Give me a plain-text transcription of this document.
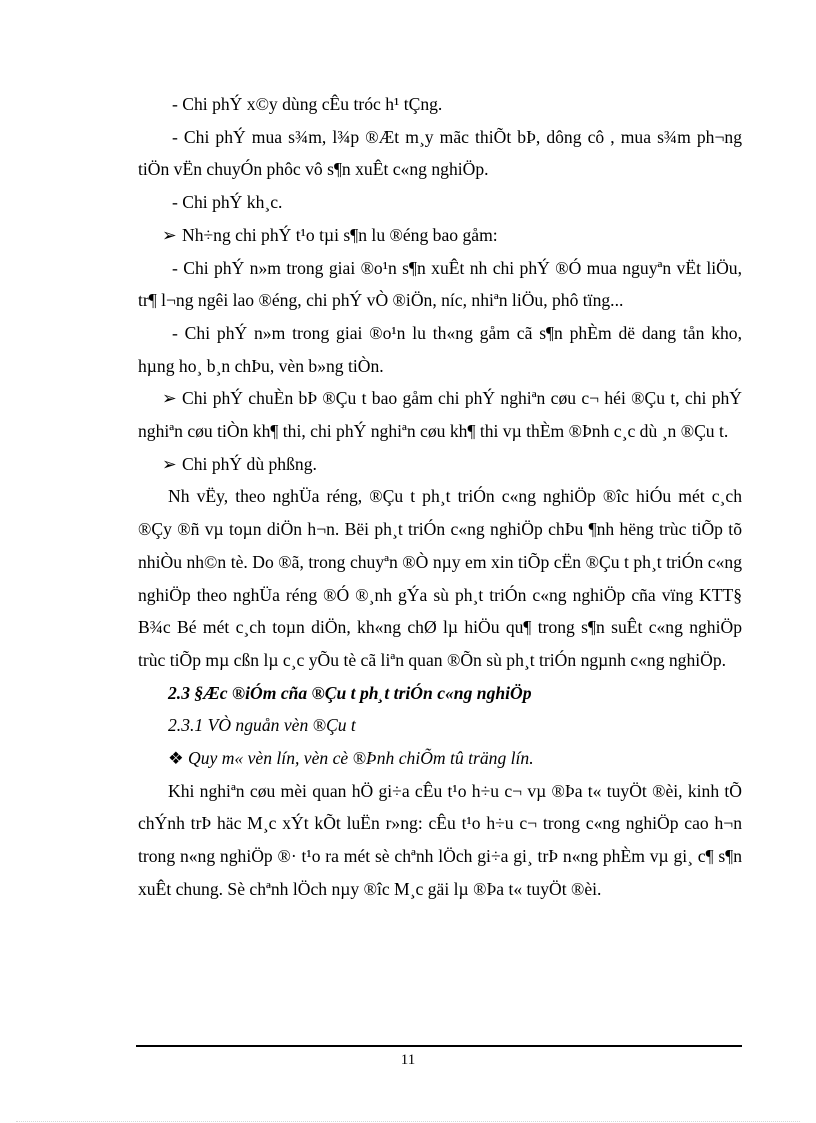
- Chi phÝ x©y dùng cÊu tróc h¹ tÇng.

- Chi phÝ mua s¾m, l¾p ®Æt m¸y mãc thiÕt bÞ, dông cô , mua s¾m ph¬ng tiÖn vËn chuyÓn phôc vô s¶n xuÊt c«ng nghiÖp.

- Chi phÝ kh¸c.

➢ Nh÷ng chi phÝ t¹o tµi s¶n lu ®éng bao gåm:

- Chi phÝ n»m trong giai ®o¹n s¶n xuÊt nh chi phÝ ®Ó mua nguyªn vËt liÖu, tr¶ l¬ng ngêi lao ®éng, chi phÝ vÒ ®iÖn, níc, nhiªn liÖu, phô tïng...

- Chi phÝ n»m trong giai ®o¹n lu th«ng gåm cã s¶n phÈm dë dang tån kho, hµng ho¸ b¸n chÞu, vèn b»ng tiÒn.

➢ Chi phÝ chuÈn bÞ ®Çu t bao gåm chi phÝ nghiªn cøu c¬ héi ®Çu t, chi phÝ nghiªn cøu tiÒn kh¶ thi, chi phÝ nghiªn cøu kh¶ thi vµ thÈm ®Þnh c¸c dù ¸n ®Çu t.

➢ Chi phÝ dù phßng.

Nh vËy, theo nghÜa réng, ®Çu t ph¸t triÓn c«ng nghiÖp ®îc hiÓu mét c¸ch ®Çy ®ñ vµ toµn diÖn h¬n. Bëi ph¸t triÓn c«ng nghiÖp chÞu ¶nh hëng trùc tiÕp tõ nhiÒu nh©n tè. Do ®ã, trong chuyªn ®Ò nµy em xin tiÕp cËn ®Çu t ph¸t triÓn c«ng nghiÖp theo nghÜa réng ®Ó ®¸nh gÝa sù ph¸t triÓn c«ng nghiÖp cña vïng KTT§ B¾c Bé mét c¸ch toµn diÖn, kh«ng chØ lµ hiÖu qu¶ trong s¶n suÊt c«ng nghiÖp trùc tiÕp mµ cßn lµ c¸c yÕu tè cã liªn quan ®Õn sù ph¸t triÓn ngµnh c«ng nghiÖp.

2.3 §Æc ®iÓm cña ®Çu t ph¸t triÓn c«ng nghiÖp

2.3.1 VÒ nguån vèn ®Çu t

❖ Quy m« vèn lín, vèn cè ®Þnh chiÕm tû träng lín.

Khi nghiªn cøu mèi quan hÖ gi÷a cÊu t¹o h÷u c¬ vµ ®Þa t« tuyÖt ®èi, kinh tÕ chÝnh trÞ häc M¸c xÝt kÕt luËn r»ng: cÊu t¹o h÷u c¬ trong c«ng nghiÖp cao h¬n trong n«ng nghiÖp ®· t¹o ra mét sè chªnh lÖch gi÷a gi¸ trÞ n«ng phÈm vµ gi¸ c¶ s¶n xuÊt chung. Sè chªnh lÖch nµy ®îc M¸c gäi lµ ®Þa t« tuyÖt ®èi.

11
